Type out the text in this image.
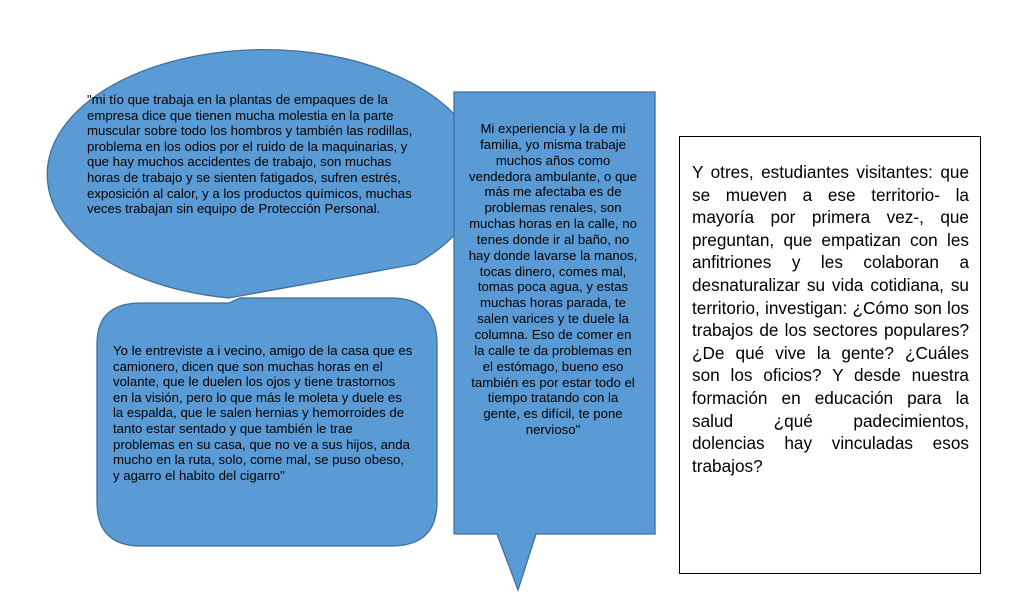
"mi tío que trabaja en la plantas de empaques de la empresa dice que tienen mucha molestia en la parte muscular sobre todo los hombros y también las rodillas, problema en los odios por el ruido de la maquinarias, y que hay muchos accidentes de trabajo, son muchas horas de trabajo y se sienten fatigados, sufren estrés, exposición al calor, y a los productos químicos, muchas veces trabajan sin equipo de Protección Personal.

Yo le entreviste a i vecino, amigo de la casa que es camionero, dicen que son muchas horas en el volante, que le duelen los ojos y tiene trastornos en la visión, pero lo que más le moleta y duele es la espalda, que le salen hernias y hemorroides de tanto estar sentado y que también le trae problemas en su casa, que no ve a sus hijos, anda mucho en la ruta, solo, come mal, se puso obeso, y agarro el habito del cigarro"

Mi experiencia y la de mi familia, yo misma trabaje muchos años como vendedora ambulante, o que más me afectaba es de problemas renales, son muchas horas en la calle, no tenes donde ir al baño, no hay donde lavarse la manos, tocas dinero, comes mal, tomas poca agua, y estas muchas horas parada, te salen varices y te duele la columna. Eso de comer en la calle te da problemas en el estómago, bueno eso también es por estar todo el tiempo tratando con la gente, es difícil, te pone nervioso"

Y otres, estudiantes visitantes: que se mueven a ese territorio- la mayoría por primera vez-, que preguntan, que empatizan con les anfitriones y les colaboran a desnaturalizar su vida cotidiana, su territorio, investigan: ¿Cómo son los trabajos de los sectores populares? ¿De qué vive la gente? ¿Cuáles son los oficios? Y desde nuestra formación en educación para la salud ¿qué padecimientos, dolencias hay vinculadas esos trabajos?
